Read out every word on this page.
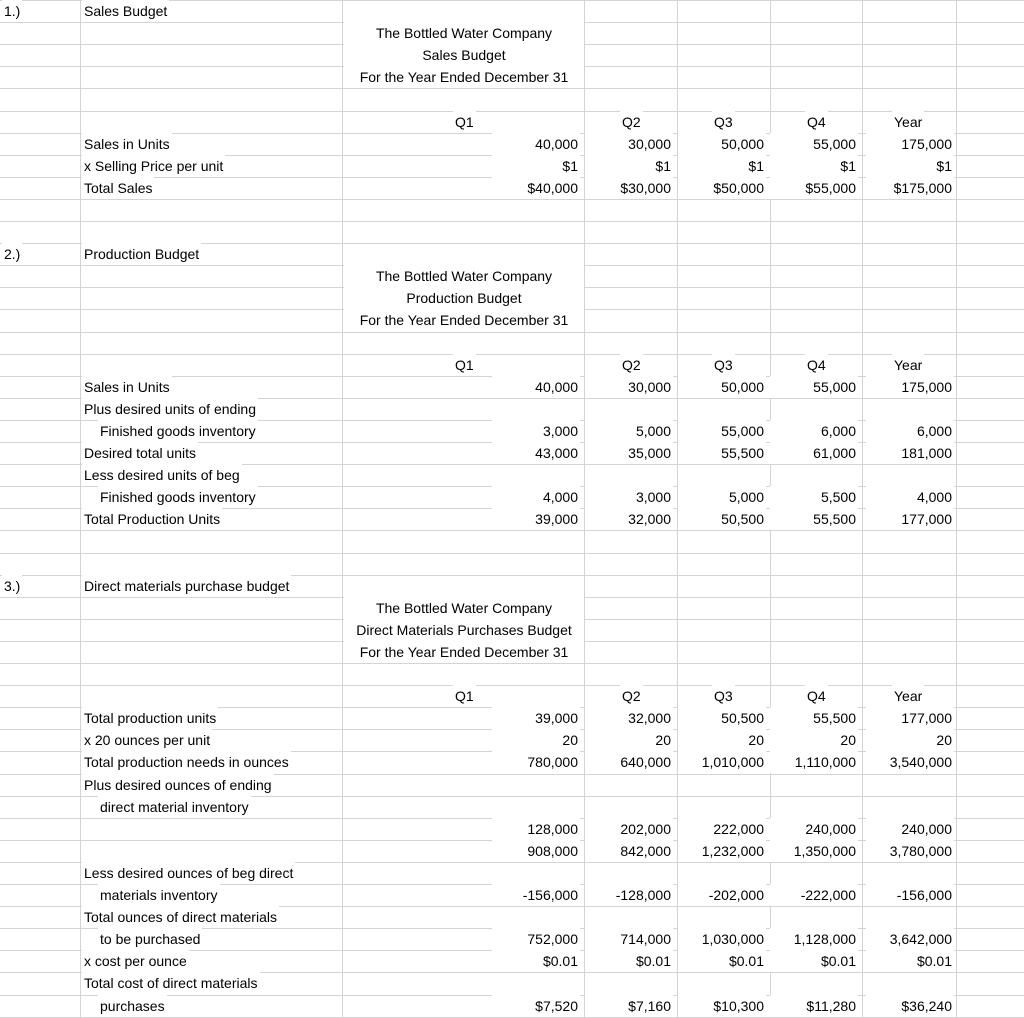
1.)	Sales Budget
The Bottled Water Company
Sales Budget
For the Year Ended December 31
Q1	Q2	Q3	Q4	Year
Sales in Units	40,000	30,000	50,000	55,000	175,000
x Selling Price per unit	$1	$1	$1	$1	$1
Total Sales	$40,000	$30,000	$50,000	$55,000	$175,000
2.)	Production Budget
The Bottled Water Company
Production Budget
For the Year Ended December 31
Q1	Q2	Q3	Q4	Year
Sales in Units	40,000	30,000	50,000	55,000	175,000
Plus desired units of ending
Finished goods inventory	3,000	5,000	55,000	6,000	6,000
Desired total units	43,000	35,000	55,500	61,000	181,000
Less desired units of beg
Finished goods inventory	4,000	3,000	5,000	5,500	4,000
Total Production Units	39,000	32,000	50,500	55,500	177,000
3.)	Direct materials purchase budget
The Bottled Water Company
Direct Materials Purchases Budget
For the Year Ended December 31
Q1	Q2	Q3	Q4	Year
Total production units	39,000	32,000	50,500	55,500	177,000
x 20 ounces per unit	20	20	20	20	20
Total production needs in ounces	780,000	640,000	1,010,000	1,110,000	3,540,000
Plus desired ounces of ending
direct material inventory
128,000	202,000	222,000	240,000	240,000
908,000	842,000	1,232,000	1,350,000	3,780,000
Less desired ounces of beg direct
materials inventory	-156,000	-128,000	-202,000	-222,000	-156,000
Total ounces of direct materials
to be purchased	752,000	714,000	1,030,000	1,128,000	3,642,000
x cost per ounce	$0.01	$0.01	$0.01	$0.01	$0.01
Total cost of direct materials
purchases	$7,520	$7,160	$10,300	$11,280	$36,240
